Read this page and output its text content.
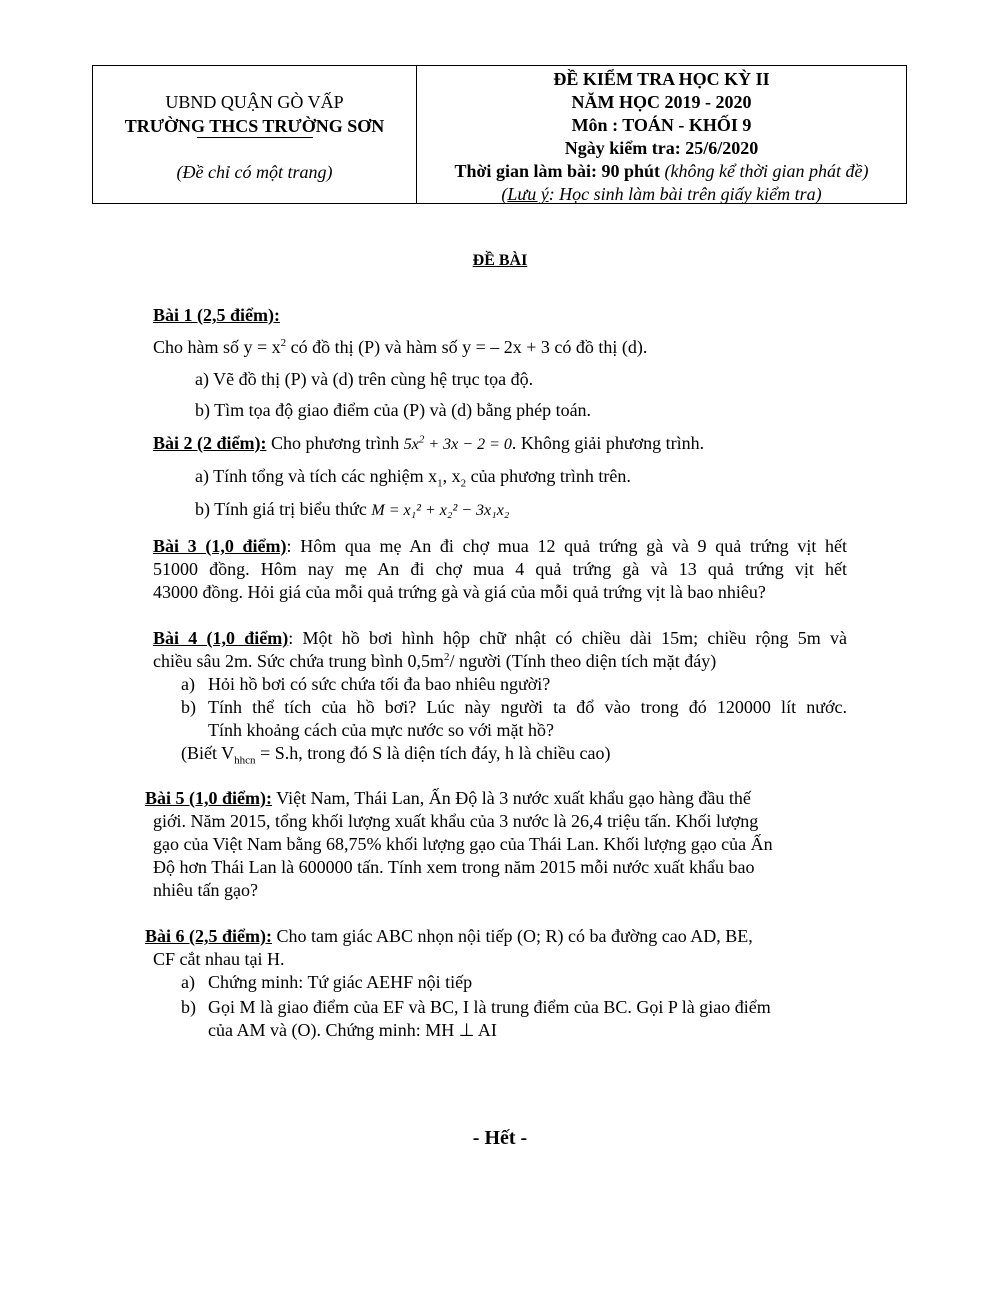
UBND QUẬN GÒ VẤP
TRƯỜNG THCS TRƯỜNG SƠN
(Đề chỉ có một trang)
ĐỀ KIỂM TRA HỌC KỲ II
NĂM HỌC 2019 - 2020
Môn : TOÁN - KHỐI 9
Ngày kiểm tra: 25/6/2020
Thời gian làm bài: 90 phút (không kể thời gian phát đề)
(Lưu ý: Học sinh làm bài trên giấy kiểm tra)
ĐỀ BÀI
Bài 1 (2,5 điểm):
Cho hàm số $y = x^2$ có đồ thị (P) và hàm số y = – 2x + 3 có đồ thị (d).
a) Vẽ đồ thị (P) và (d) trên cùng hệ trục tọa độ.
b) Tìm tọa độ giao điểm của (P) và (d) bằng phép toán.
Bài 2 (2 điểm): Cho phương trình $5x^2 + 3x - 2 = 0$. Không giải phương trình.
a) Tính tổng và tích các nghiệm $x_1$, $x_2$ của phương trình trên.
b) Tính giá trị biểu thức M = x₁² + x₂² − 3x₁x₂
Bài 3 (1,0 điểm): Hôm qua mẹ An đi chợ mua 12 quả trứng gà và 9 quả trứng vịt hết
51000 đồng. Hôm nay mẹ An đi chợ mua 4 quả trứng gà và 13 quả trứng vịt hết
43000 đồng. Hỏi giá của mỗi quả trứng gà và giá của mỗi quả trứng vịt là bao nhiêu?
Bài 4 (1,0 điểm): Một hồ bơi hình hộp chữ nhật có chiều dài 15m; chiều rộng 5m và
chiều sâu 2m. Sức chứa trung bình $0,5m^2/$ người (Tính theo diện tích mặt đáy)
a) Hỏi hồ bơi có sức chứa tối đa bao nhiêu người?
b) Tính thể tích của hồ bơi? Lúc này người ta đổ vào trong đó 120000 lít nước.
Tính khoảng cách của mực nước so với mặt hồ?
(Biết $V_{hhcn} = S.h$, trong đó S là diện tích đáy, h là chiều cao)
Bài 5 (1,0 điểm): Việt Nam, Thái Lan, Ấn Độ là 3 nước xuất khẩu gạo hàng đầu thế
giới. Năm 2015, tổng khối lượng xuất khẩu của 3 nước là 26,4 triệu tấn. Khối lượng
gạo của Việt Nam bằng 68,75% khối lượng gạo của Thái Lan. Khối lượng gạo của Ấn
Độ hơn Thái Lan là 600000 tấn. Tính xem trong năm 2015 mỗi nước xuất khẩu bao
nhiêu tấn gạo?
Bài 6 (2,5 điểm): Cho tam giác ABC nhọn nội tiếp (O; R) có ba đường cao AD, BE,
CF cắt nhau tại H.
a) Chứng minh: Tứ giác AEHF nội tiếp
b) Gọi M là giao điểm của EF và BC, I là trung điểm của BC. Gọi P là giao điểm
của AM và (O). Chứng minh: MH ⊥ AI
- Hết -
